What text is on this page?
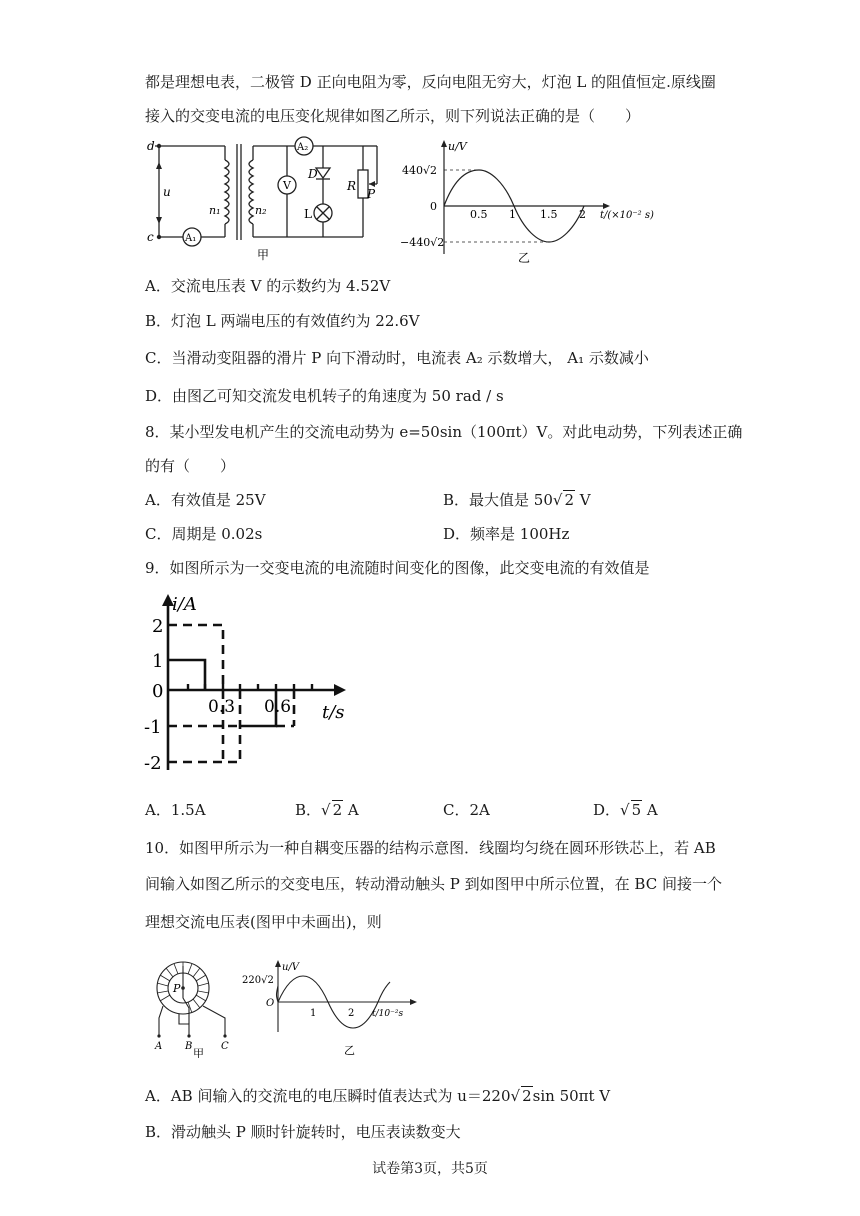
都是理想电表，二极管 D 正向电阻为零，反向电阻无穷大，灯泡 L 的阻值恒定.原线圈
接入的交变电流的电压变化规律如图乙所示，则下列说法正确的是（　　）
d
c
u
n₁	n₂
A₁
A₂
V
D
L
R
P
甲
u/V
440√2
0
−440√2
0.5 1 1.5 2 t/(×10⁻² s)
乙
A．交流电压表 V 的示数约为 4.52V
B．灯泡 L 两端电压的有效值约为 22.6V
C．当滑动变阻器的滑片 P 向下滑动时，电流表 A₂ 示数增大， A₁ 示数减小
D．由图乙可知交流发电机转子的角速度为 50 rad / s
8．某小型发电机产生的交流电动势为 e=50sin（100πt）V。对此电动势，下列表述正确
的有（　　）
A．有效值是 25V	B．最大值是 50√ 2 V
C．周期是 0.02s	D．频率是 100Hz
9．如图所示为一交变电流的电流随时间变化的图像，此交变电流的有效值是
i/A
2
1
0
-1
-2
0.3 0.6 t/s
A．1.5A	B．√ 2 A	C．2A	D．√ 5 A
10．如图甲所示为一种自耦变压器的结构示意图．线圈均匀绕在圆环形铁芯上，若 AB
间输入如图乙所示的交变电压，转动滑动触头 P 到如图甲中所示位置，在 BC 间接一个
理想交流电压表(图甲中未画出)，则
P
A B	C
甲
u/V
220√2
O
1	2 t/10⁻²s
乙
A．AB 间输入的交流电的电压瞬时值表达式为 u＝220√ 2sin 50πt V
B．滑动触头 P 顺时针旋转时，电压表读数变大
试卷第3页，共5页
